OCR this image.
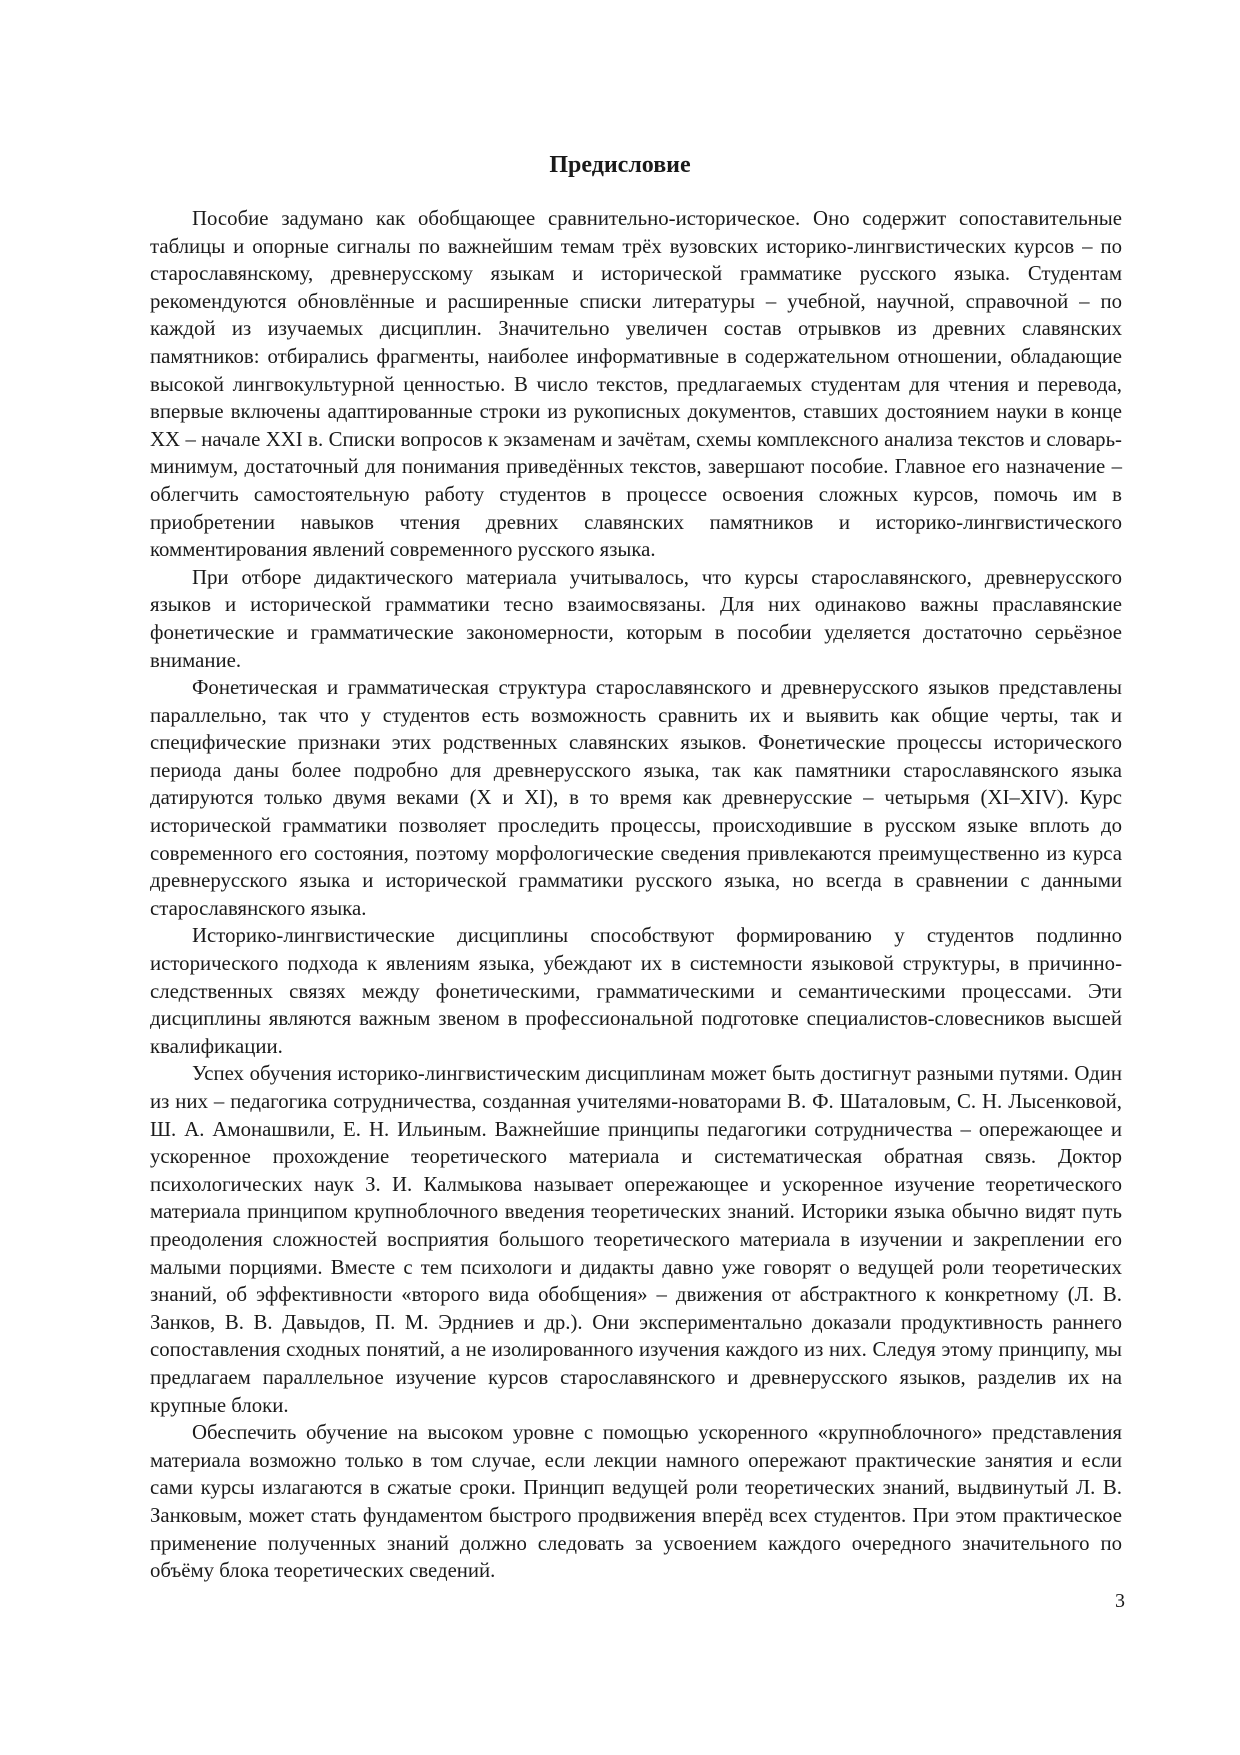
Предисловие

Пособие задумано как обобщающее сравнительно-историческое. Оно содержит сопоставительные таблицы и опорные сигналы по важнейшим темам трёх вузовских историко-лингвистических курсов – по старославянскому, древнерусскому языкам и исторической грамматике русского языка. Студентам рекомендуются обновлённые и расширенные списки литературы – учебной, научной, справочной – по каждой из изучаемых дисциплин. Значительно увеличен состав отрывков из древних славянских памятников: отбирались фрагменты, наиболее информативные в содержательном отношении, обладающие высокой лингвокультурной ценностью. В число текстов, предлагаемых студентам для чтения и перевода, впервые включены адаптированные строки из рукописных документов, ставших достоянием науки в конце XX – начале XXI в. Списки вопросов к экзаменам и зачётам, схемы комплексного анализа текстов и словарь-минимум, достаточный для понимания приведённых текстов, завершают пособие. Главное его назначение – облегчить самостоятельную работу студентов в процессе освоения сложных курсов, помочь им в приобретении навыков чтения древних славянских памятников и историко-лингвистического комментирования явлений современного русского языка.

При отборе дидактического материала учитывалось, что курсы старославянского, древнерусского языков и исторической грамматики тесно взаимосвязаны. Для них одинаково важны праславянские фонетические и грамматические закономерности, которым в пособии уделяется достаточно серьёзное внимание.

Фонетическая и грамматическая структура старославянского и древнерусского языков представлены параллельно, так что у студентов есть возможность сравнить их и выявить как общие черты, так и специфические признаки этих родственных славянских языков. Фонетические процессы исторического периода даны более подробно для древнерусского языка, так как памятники старославянского языка датируются только двумя веками (X и XI), в то время как древнерусские – четырьмя (XI–XIV). Курс исторической грамматики позволяет проследить процессы, происходившие в русском языке вплоть до современного его состояния, поэтому морфологические сведения привлекаются преимущественно из курса древнерусского языка и исторической грамматики русского языка, но всегда в сравнении с данными старославянского языка.

Историко-лингвистические дисциплины способствуют формированию у студентов подлинно исторического подхода к явлениям языка, убеждают их в системности языковой структуры, в причинно-следственных связях между фонетическими, грамматическими и семантическими процессами. Эти дисциплины являются важным звеном в профессиональной подготовке специалистов-словесников высшей квалификации.

Успех обучения историко-лингвистическим дисциплинам может быть достигнут разными путями. Один из них – педагогика сотрудничества, созданная учителями-новаторами В. Ф. Шаталовым, С. Н. Лысенковой, Ш. А. Амонашвили, Е. Н. Ильиным. Важнейшие принципы педагогики сотрудничества – опережающее и ускоренное прохождение теоретического материала и систематическая обратная связь. Доктор психологических наук З. И. Калмыкова называет опережающее и ускоренное изучение теоретического материала принципом крупноблочного введения теоретических знаний. Историки языка обычно видят путь преодоления сложностей восприятия большого теоретического материала в изучении и закреплении его малыми порциями. Вместе с тем психологи и дидакты давно уже говорят о ведущей роли теоретических знаний, об эффективности «второго вида обобщения» – движения от абстрактного к конкретному (Л. В. Занков, В. В. Давыдов, П. М. Эрдниев и др.). Они экспериментально доказали продуктивность раннего сопоставления сходных понятий, а не изолированного изучения каждого из них. Следуя этому принципу, мы предлагаем параллельное изучение курсов старославянского и древнерусского языков, разделив их на крупные блоки.

Обеспечить обучение на высоком уровне с помощью ускоренного «крупноблочного» представления материала возможно только в том случае, если лекции намного опережают практические занятия и если сами курсы излагаются в сжатые сроки. Принцип ведущей роли теоретических знаний, выдвинутый Л. В. Занковым, может стать фундаментом быстрого продвижения вперёд всех студентов. При этом практическое применение полученных знаний должно следовать за усвоением каждого очередного значительного по объёму блока теоретических сведений.

3
